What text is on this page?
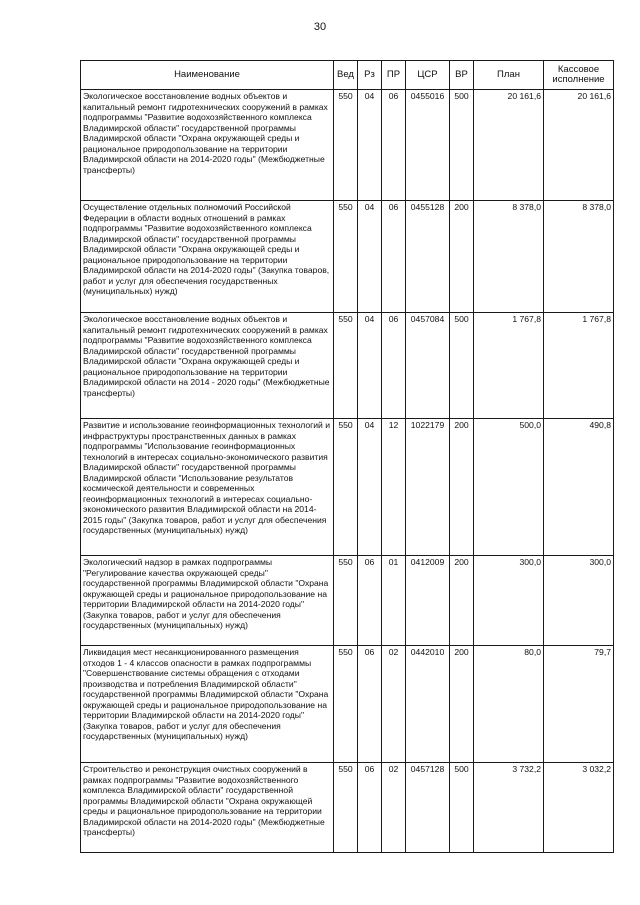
30
Наименование	Вед	Рз	ПР	ЦСР	ВР	План	Кассовое исполнение
Экологическое восстановление водных объектов и капитальный ремонт гидротехнических сооружений в рамках подпрограммы "Развитие водохозяйственного комплекса Владимирской области" государственной программы Владимирской области "Охрана окружающей среды и рациональное природопользование на территории Владимирской области на 2014-2020 годы" (Межбюджетные трансферты)	550	04	06	0455016	500	20 161,6	20 161,6
Осуществление отдельных полномочий Российской Федерации в области водных отношений в рамках подпрограммы "Развитие водохозяйственного комплекса Владимирской области" государственной программы Владимирской области "Охрана окружающей среды и рациональное природопользование на территории Владимирской области на 2014-2020 годы" (Закупка товаров, работ и услуг для обеспечения государственных (муниципальных) нужд)	550	04	06	0455128	200	8 378,0	8 378,0
Экологическое восстановление водных объектов и капитальный ремонт гидротехнических сооружений в рамках подпрограммы "Развитие водохозяйственного комплекса Владимирской области" государственной программы Владимирской области "Охрана окружающей среды и рациональное природопользование на территории Владимирской области на 2014 - 2020 годы" (Межбюджетные трансферты)	550	04	06	0457084	500	1 767,8	1 767,8
Развитие и использование геоинформационных технологий и инфраструктуры пространственных данных в рамках подпрограммы "Использование геоинформационных технологий в интересах социально-экономического развития Владимирской области" государственной программы Владимирской области "Использование результатов космической деятельности и современных геоинформационных технологий в интересах социально-экономического развития Владимирской области на 2014-2015 годы" (Закупка товаров, работ и услуг для обеспечения государственных (муниципальных) нужд)	550	04	12	1022179	200	500,0	490,8
Экологический надзор в рамках подпрограммы "Регулирование качества окружающей среды" государственной программы Владимирской области "Охрана окружающей среды и рациональное природопользование на территории Владимирской области на 2014-2020 годы" (Закупка товаров, работ и услуг для обеспечения государственных (муниципальных) нужд)	550	06	01	0412009	200	300,0	300,0
Ликвидация мест несанкционированного размещения отходов 1 - 4 классов опасности в рамках подпрограммы "Совершенствование системы обращения с отходами производства и потребления Владимирской области" государственной программы Владимирской области "Охрана окружающей среды и рациональное природопользование на территории Владимирской области на 2014-2020 годы" (Закупка товаров, работ и услуг для обеспечения государственных (муниципальных) нужд)	550	06	02	0442010	200	80,0	79,7
Строительство и реконструкция очистных сооружений в рамках подпрограммы "Развитие водохозяйственного комплекса Владимирской области" государственной программы Владимирской области "Охрана окружающей среды и рациональное природопользование на территории Владимирской области на 2014-2020 годы" (Межбюджетные трансферты)	550	06	02	0457128	500	3 732,2	3 032,2
